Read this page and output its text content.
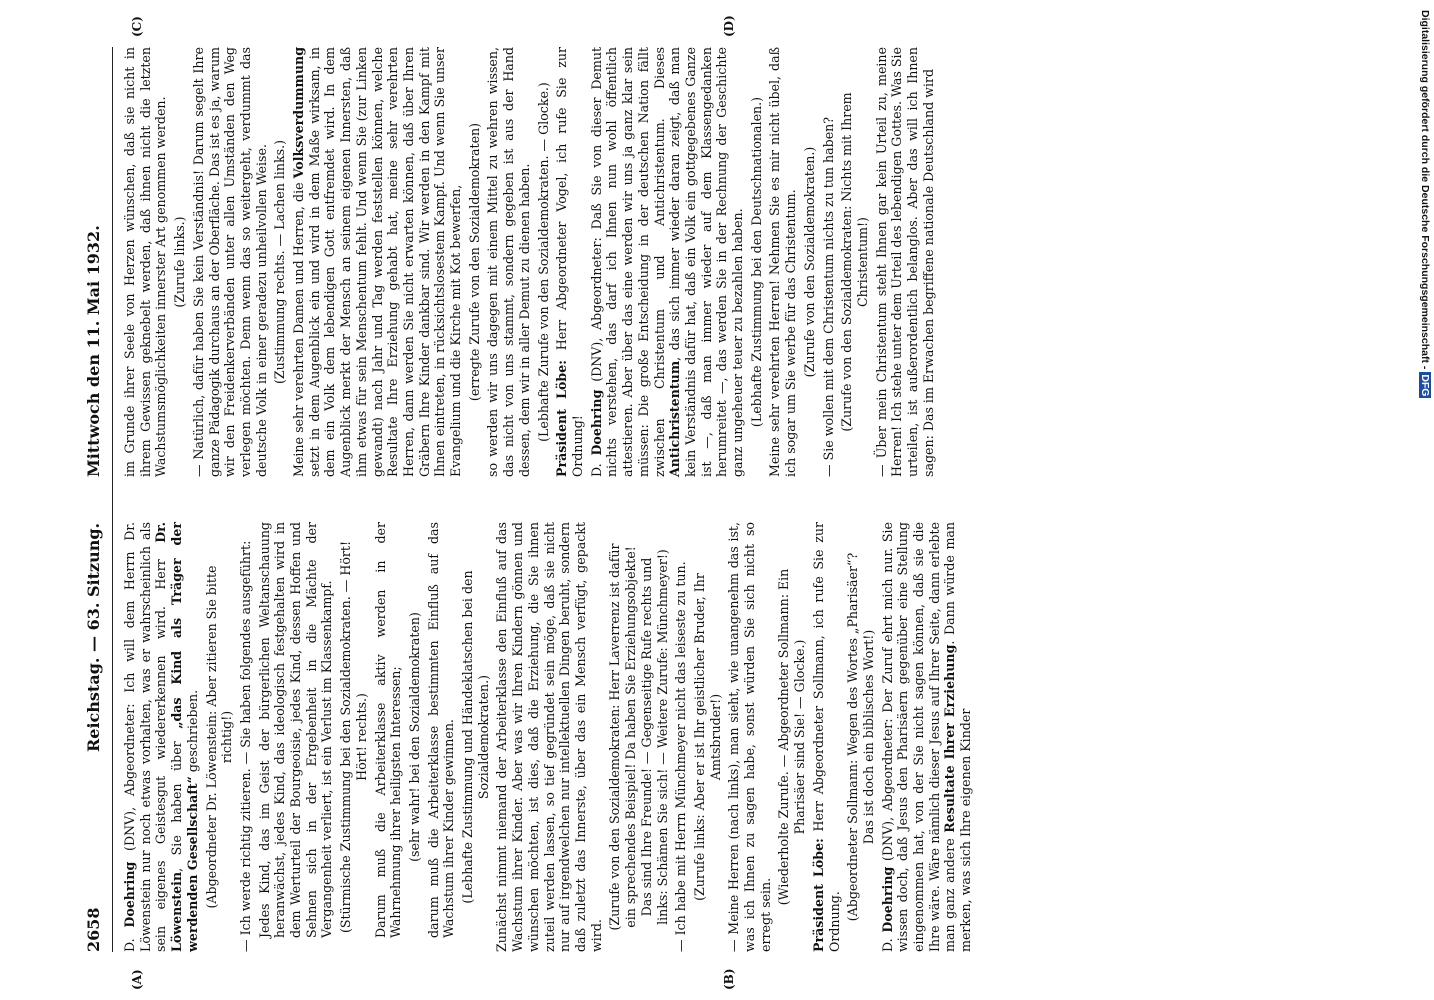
2658
Reichstag. — 63. Sitzung.
Mittwoch den 11. Mai 1932.

D. Doehring (DNV), Abgeordneter: Ich will dem Herrn Dr. Löwenstein nur noch etwas vorhalten, was er wahrscheinlich als sein eigenes Geistesgut wiedererkennen wird. Herr Dr. Löwenstein, Sie haben über „das Kind als Träger der werdenden Gesellschaft“ geschrieben. (Abgeordneter Dr. Löwenstein: Aber zitieren Sie bitte richtig!) — Ich werde richtig zitieren. — Sie haben folgendes ausgeführt: Jedes Kind, das im Geist der bürgerlichen Weltanschauung heranwächst, jedes Kind, das ideologisch festgehalten wird in dem Werturteil der Bourgeoisie, jedes Kind, dessen Hoffen und Sehnen sich in der Ergebenheit in die Mächte der Vergangenheit verliert, ist ein Verlust im Klassenkampf. (Stürmische Zustimmung bei den Sozialdemokraten. — Hört! Hört! rechts.) Darum muß die Arbeiterklasse aktiv werden in der Wahrnehmung ihrer heiligsten Interessen; (sehr wahr! bei den Sozialdemokraten) darum muß die Arbeiterklasse bestimmten Einfluß auf das Wachstum ihrer Kinder gewinnen. (Lebhafte Zustimmung und Händeklatschen bei den Sozialdemokraten.) Zunächst nimmt niemand der Arbeiterklasse den Einfluß auf das Wachstum ihrer Kinder. Aber was wir Ihren Kindern gönnen und wünschen möchten, ist dies, daß die Erziehung, die Sie ihnen zuteil werden lassen, so tief gegründet sein möge, daß sie nicht nur auf irgendwelchen nur intellektuellen Dingen beruht, sondern daß zuletzt das Innerste, über das ein Mensch verfügt, gepackt wird.

(Zurufe von den Sozialdemokraten: Herr Laverrenz ist dafür ein sprechendes Beispiel! Da haben Sie Erziehungsobjekte! Das sind Ihre Freunde! — Gegenseitige Rufe rechts und links: Schämen Sie sich! — Weitere Zurufe: Münchmeyer!) — Ich habe mit Herrn Münchmeyer nicht das leiseste zu tun. (Zurufe links: Aber er ist Ihr geistlicher Bruder, Ihr Amtsbruder!) — Meine Herren (nach links), man sieht, wie unangenehm das ist, was ich Ihnen zu sagen habe, sonst würden Sie sich nicht so erregt sein.

(Wiederholte Zurufe. — Abgeordneter Sollmann: Ein Pharisäer sind Sie! — Glocke.)

Präsident Löbe: Herr Abgeordneter Sollmann, ich rufe Sie zur Ordnung.

(Abgeordneter Sollmann: Wegen des Wortes „Pharisäer“? Das ist doch ein biblisches Wort!)

D. Doehring (DNV), Abgeordneter: Der Zuruf ehrt mich nur. Sie wissen doch, daß Jesus den Pharisäern gegenüber eine Stellung eingenommen hat, von der Sie nicht sagen können, daß sie die Ihre wäre. Wäre nämlich dieser Jesus auf Ihrer Seite, dann erlebte man ganz andere Resultate Ihrer Erziehung. Dann würde man merken, was sich Ihre eigenen Kinder

im Grunde ihrer Seele von Herzen wünschen, daß sie nicht in ihrem Gewissen geknebelt werden, daß ihnen nicht die letzten Wachstumsmöglichkeiten innerster Art genommen werden. (Zurufe links.) — Natürlich, dafür haben Sie kein Verständnis! Darum segelt Ihre ganze Pädagogik durchaus an der Oberfläche. Das ist es ja, warum wir den Freidenkerverbänden unter allen Umständen den Weg verlegen möchten. Denn wenn das so weitergeht, verdummt das deutsche Volk in einer geradezu unheilvollen Weise. (Zustimmung rechts. — Lachen links.) Meine sehr verehrten Damen und Herren, die Volksverdummung setzt in dem Augenblick ein und wird in dem Maße wirksam, in dem ein Volk dem lebendigen Gott entfremdet wird. In dem Augenblick merkt der Mensch an seinem eigenen Innersten, daß ihm etwas für sein Menschentum fehlt. Und wenn Sie (zur Linken gewandt) nach Jahr und Tag werden feststellen können, welche Resultate Ihre Erziehung gehabt hat, meine sehr verehrten Herren, dann werden Sie nicht erwarten können, daß über Ihren Gräbern Ihre Kinder dankbar sind. Wir werden in den Kampf mit Ihnen eintreten, in rücksichtslosestem Kampf. Und wenn Sie unser Evangelium und die Kirche mit Kot bewerfen, (erregte Zurufe von den Sozialdemokraten) so werden wir uns dagegen mit einem Mittel zu wehren wissen, das nicht von uns stammt, sondern gegeben ist aus der Hand dessen, dem wir in aller Demut zu dienen haben. (Lebhafte Zurufe von den Sozialdemokraten. — Glocke.) Präsident Löbe: Herr Abgeordneter Vogel, ich rufe Sie zur Ordnung! D. Doehring (DNV), Abgeordneter: Daß Sie von dieser Demut nichts verstehen, das darf ich Ihnen nun wohl öffentlich attestieren. Aber über das eine werden wir uns ja ganz klar sein müssen: Die große Entscheidung in der deutschen Nation fällt zwischen Christentum und Antichristentum. Dieses Antichristentum, das sich immer wieder daran zeigt, daß man kein Verständnis dafür hat, daß ein Volk ein gottgegebenes Ganze ist —, daß man immer wieder auf dem Klassengedanken herumreitet —, das werden Sie in der Rechnung der Geschichte ganz ungeheuer teuer zu bezahlen haben. (Lebhafte Zustimmung bei den Deutschnationalen.) Meine sehr verehrten Herren! Nehmen Sie es mir nicht übel, daß ich sogar um Sie werbe für das Christentum. (Zurufe von den Sozialdemokraten.) — Sie wollen mit dem Christentum nichts zu tun haben? (Zurufe von den Sozialdemokraten: Nichts mit Ihrem Christentum!) — Über mein Christentum steht Ihnen gar kein Urteil zu, meine Herren! Ich stehe unter dem Urteil des lebendigen Gottes. Was Sie urteilen, ist außerordentlich belanglos. Aber das will ich Ihnen sagen: Das im Erwachen begriffene nationale Deutschland wird

(A)	(B)
(C)	(D)	Digitalisierung gefördert durch die Deutsche Forschungsgemeinschaft - DFG
